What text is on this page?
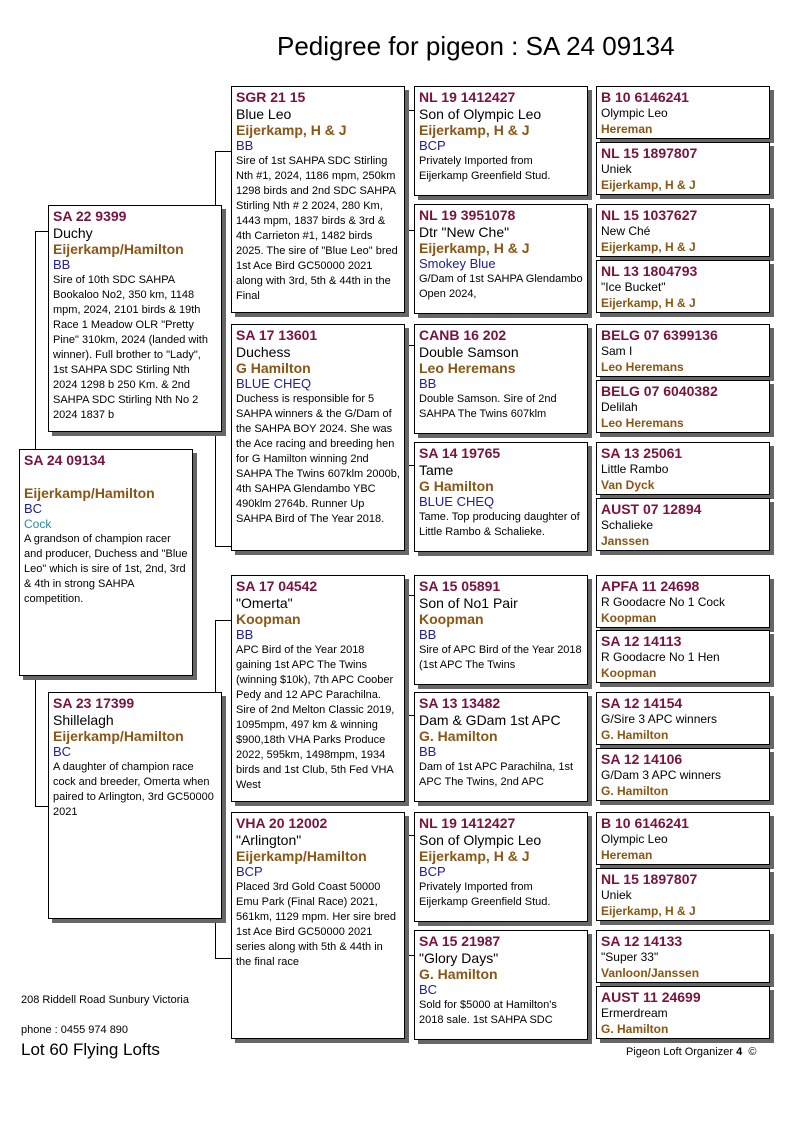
Pedigree for pigeon : SA 24 09134
SA 24 09134
Eijerkamp/Hamilton
BC
Cock
A grandson of champion racer and producer, Duchess and "Blue Leo" which is sire of 1st, 2nd, 3rd & 4th in strong SAHPA competition.
SA 22 9399
Duchy
Eijerkamp/Hamilton
BB
Sire of 10th SDC SAHPA Bookaloo No2, 350 km, 1148 mpm, 2024, 2101 birds & 19th Race 1 Meadow OLR "Pretty Pine" 310km, 2024 (landed with winner). Full brother to "Lady", 1st SAHPA SDC Stirling Nth 2024 1298 b 250 Km. & 2nd SAHPA SDC Stirling Nth No 2 2024 1837 b
SA 23 17399
Shillelagh
Eijerkamp/Hamilton
BC
A daughter of champion race cock and breeder, Omerta when paired to Arlington, 3rd GC50000 2021
SGR 21 15
Blue Leo
Eijerkamp, H & J
BB
Sire of 1st SAHPA SDC Stirling Nth #1, 2024, 1186 mpm, 250km 1298 birds and 2nd SDC SAHPA Stirling Nth # 2 2024, 280 Km, 1443 mpm, 1837 birds & 3rd & 4th Carrieton #1, 1482 birds 2025. The sire of "Blue Leo" bred 1st Ace Bird GC50000 2021 along with 3rd, 5th & 44th in the Final
SA 17 13601
Duchess
G Hamilton
BLUE CHEQ
Duchess is responsible for 5 SAHPA winners & the G/Dam of the SAHPA BOY 2024. She was the Ace racing and breeding hen for G Hamilton winning 2nd SAHPA The Twins 607klm 2000b, 4th SAHPA Glendambo YBC 490klm 2764b. Runner Up SAHPA Bird of The Year 2018.
SA 17 04542
"Omerta"
Koopman
BB
APC Bird of the Year 2018 gaining 1st APC The Twins (winning $10k), 7th APC Coober Pedy and 12 APC Parachilna. Sire of 2nd Melton Classic 2019, 1095mpm, 497 km & winning $900,18th VHA Parks Produce 2022, 595km, 1498mpm, 1934 birds and 1st Club, 5th Fed VHA West
VHA 20 12002
"Arlington"
Eijerkamp/Hamilton
BCP
Placed 3rd Gold Coast 50000 Emu Park (Final Race) 2021, 561km, 1129 mpm. Her sire bred 1st Ace Bird GC50000 2021 series along with 5th & 44th in the final race
NL 19 1412427
Son of Olympic Leo
Eijerkamp, H & J
BCP
Privately Imported from Eijerkamp Greenfield Stud.
NL 19 3951078
Dtr "New Che"
Eijerkamp, H & J
Smokey Blue
G/Dam of 1st SAHPA Glendambo Open 2024,
CANB 16 202
Double Samson
Leo Heremans
BB
Double Samson. Sire of 2nd SAHPA The Twins 607klm
SA 14 19765
Tame
G Hamilton
BLUE CHEQ
Tame. Top producing daughter of Little Rambo & Schalieke.
SA 15 05891
Son of No1 Pair
Koopman
BB
Sire of APC Bird of the Year 2018 (1st APC The Twins
SA 13 13482
Dam & GDam 1st APC
G. Hamilton
BB
Dam of 1st APC Parachilna, 1st APC The Twins, 2nd APC
NL 19 1412427
Son of Olympic Leo
Eijerkamp, H & J
BCP
Privately Imported from Eijerkamp Greenfield Stud.
SA 15 21987
"Glory Days"
G. Hamilton
BC
Sold for $5000 at Hamilton's 2018 sale. 1st SAHPA SDC
B 10 6146241
Olympic Leo
Hereman
NL 15 1897807
Uniek
Eijerkamp, H & J
NL 15 1037627
New Ché
Eijerkamp, H & J
NL 13 1804793
"Ice Bucket"
Eijerkamp, H & J
BELG 07 6399136
Sam I
Leo Heremans
BELG 07 6040382
Delilah
Leo Heremans
SA 13 25061
Little Rambo
Van Dyck
AUST 07 12894
Schalieke
Janssen
APFA 11 24698
R Goodacre No 1 Cock
Koopman
SA 12 14113
R Goodacre No 1 Hen
Koopman
SA 12 14154
G/Sire 3 APC winners
G. Hamilton
SA 12 14106
G/Dam 3 APC winners
G. Hamilton
B 10 6146241
Olympic Leo
Hereman
NL 15 1897807
Uniek
Eijerkamp, H & J
SA 12 14133
"Super 33"
Vanloon/Janssen
AUST 11 24699
Ermerdream
G. Hamilton
208 Riddell Road Sunbury Victoria
phone : 0455 974 890
Lot 60 Flying Lofts	Pigeon Loft Organizer 4 ©
